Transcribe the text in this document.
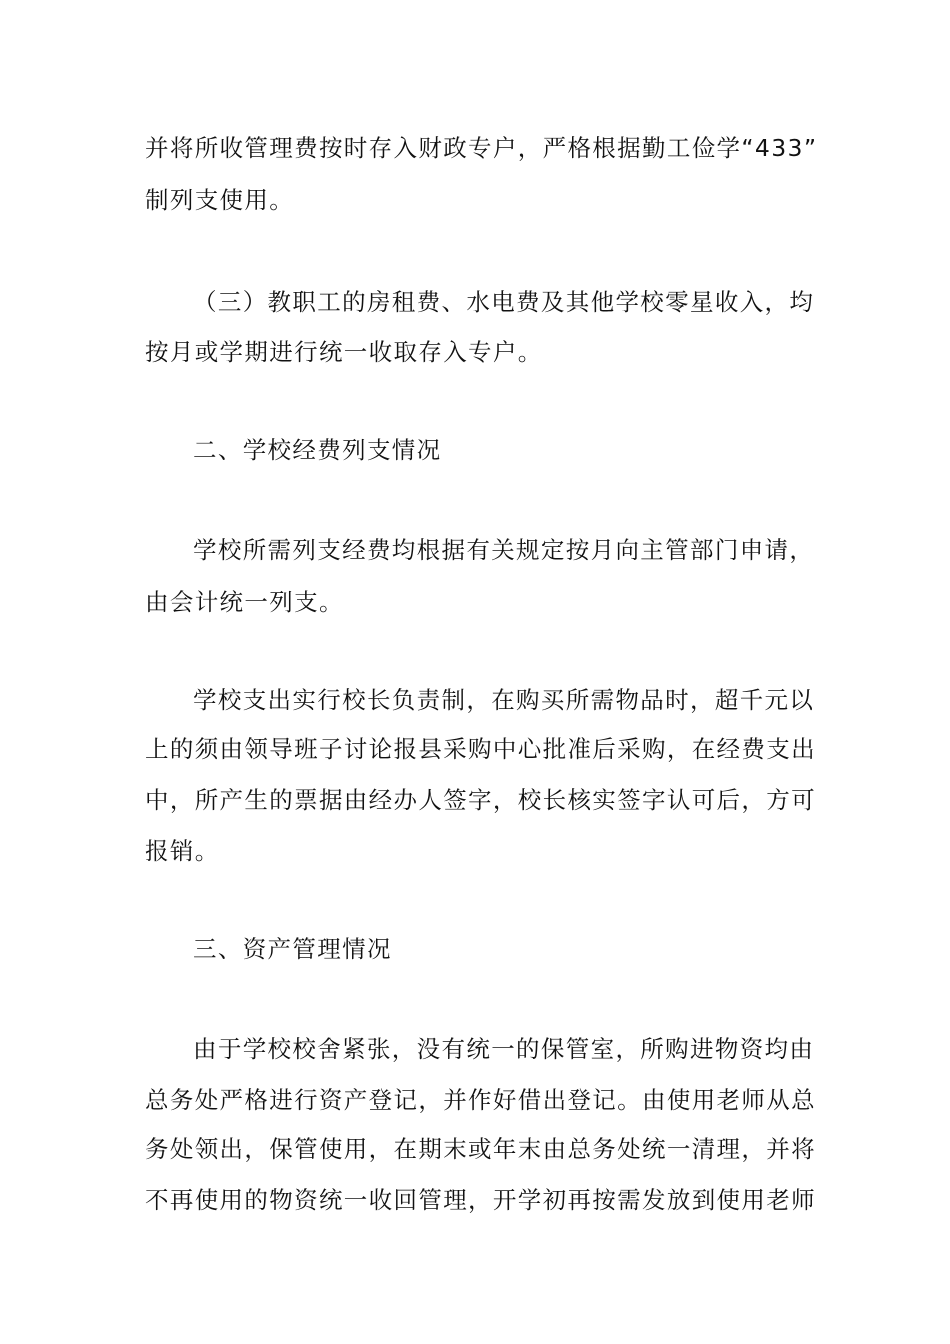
并将所收管理费按时存入财政专户，严格根据勤工俭学“433”
制列支使用。
（三）教职工的房租费、水电费及其他学校零星收入，均
按月或学期进行统一收取存入专户。
二、学校经费列支情况
学校所需列支经费均根据有关规定按月向主管部门申请，
由会计统一列支。
学校支出实行校长负责制，在购买所需物品时，超千元以
上的须由领导班子讨论报县采购中心批准后采购，在经费支出
中，所产生的票据由经办人签字，校长核实签字认可后，方可
报销。
三、资产管理情况
由于学校校舍紧张，没有统一的保管室，所购进物资均由
总务处严格进行资产登记，并作好借出登记。由使用老师从总
务处领出，保管使用，在期末或年末由总务处统一清理，并将
不再使用的物资统一收回管理，开学初再按需发放到使用老师
